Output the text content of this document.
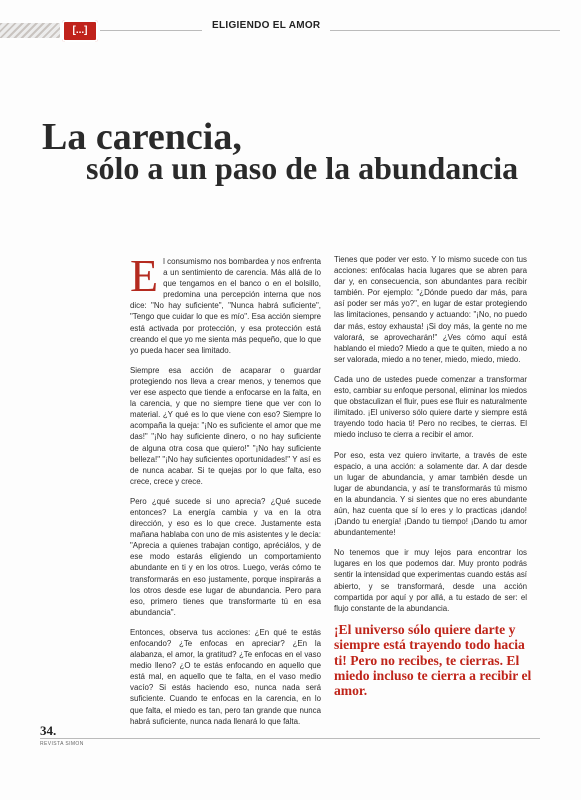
[...]	ELIGIENDO EL AMOR
La carencia,
sólo a un paso de la abundancia

El consumismo nos bombardea y nos enfrenta a un sentimiento de carencia. Más allá de lo que tengamos en el banco o en el bolsillo, predomina una percepción interna que nos dice: "No hay suficiente", "Nunca habrá suficiente", "Tengo que cuidar lo que es mío". Esa acción siempre está activada por protección, y esa protección está creando el que yo me sienta más pequeño, que lo que yo pueda hacer sea limitado.

Siempre esa acción de acaparar o guardar protegiendo nos lleva a crear menos, y tenemos que ver ese aspecto que tiende a enfocarse en la falta, en la carencia, y que no siempre tiene que ver con lo material. ¿Y qué es lo que viene con eso? Siempre lo acompaña la queja: "¡No es suficiente el amor que me das!" "¡No hay suficiente dinero, o no hay suficiente de alguna otra cosa que quiero!" "¡No hay suficiente belleza!" "¡No hay suficientes oportunidades!" Y así es de nunca acabar. Si te quejas por lo que falta, eso crece, crece y crece.

Pero ¿qué sucede si uno aprecia? ¿Qué sucede entonces? La energía cambia y va en la otra dirección, y eso es lo que crece. Justamente esta mañana hablaba con uno de mis asistentes y le decía: "Aprecia a quienes trabajan contigo, apréciálos, y de ese modo estarás eligiendo un comportamiento abundante en ti y en los otros. Luego, verás cómo te transformarás en eso justamente, porque inspirarás a los otros desde ese lugar de abundancia. Pero para eso, primero tienes que transformarte tú en esa abundancia".

Entonces, observa tus acciones: ¿En qué te estás enfocando? ¿Te enfocas en apreciar? ¿En la alabanza, el amor, la gratitud? ¿Te enfocas en el vaso medio lleno? ¿O te estás enfocando en aquello que está mal, en aquello que te falta, en el vaso medio vacío? Si estás haciendo eso, nunca nada será suficiente. Cuando te enfocas en la carencia, en lo que falta, el miedo es tan, pero tan grande que nunca habrá suficiente, nunca nada llenará lo que falta.

Tienes que poder ver esto. Y lo mismo sucede con tus acciones: enfócalas hacia lugares que se abren para dar y, en consecuencia, son abundantes para recibir también. Por ejemplo: "¿Dónde puedo dar más, para así poder ser más yo?", en lugar de estar protegiendo las limitaciones, pensando y actuando: "¡No, no puedo dar más, estoy exhausta! ¡Si doy más, la gente no me valorará, se aprovecharán!" ¿Ves cómo aquí está hablando el miedo? Miedo a que te quiten, miedo a no ser valorada, miedo a no tener, miedo, miedo, miedo.

Cada uno de ustedes puede comenzar a transformar esto, cambiar su enfoque personal, eliminar los miedos que obstaculizan el fluir, pues ese fluir es naturalmente ilimitado. ¡El universo sólo quiere darte y siempre está trayendo todo hacia ti! Pero no recibes, te cierras. El miedo incluso te cierra a recibir el amor.

Por eso, esta vez quiero invitarte, a través de este espacio, a una acción: a solamente dar. A dar desde un lugar de abundancia, y amar también desde un lugar de abundancia, y así te transformarás tú mismo en la abundancia. Y si sientes que no eres abundante aún, haz cuenta que sí lo eres y lo practicas ¡dando! ¡Dando tu energía! ¡Dando tu tiempo! ¡Dando tu amor abundantemente!

No tenemos que ir muy lejos para encontrar los lugares en los que podemos dar. Muy pronto podrás sentir la intensidad que experimentas cuando estás así abierto, y se transformará, desde una acción compartida por aquí y por allá, a tu estado de ser: el flujo constante de la abundancia.

¡El universo sólo quiere darte y siempre está trayendo todo hacia ti! Pero no recibes, te cierras. El miedo incluso te cierra a recibir el amor.
34.
REVISTA SIMON
